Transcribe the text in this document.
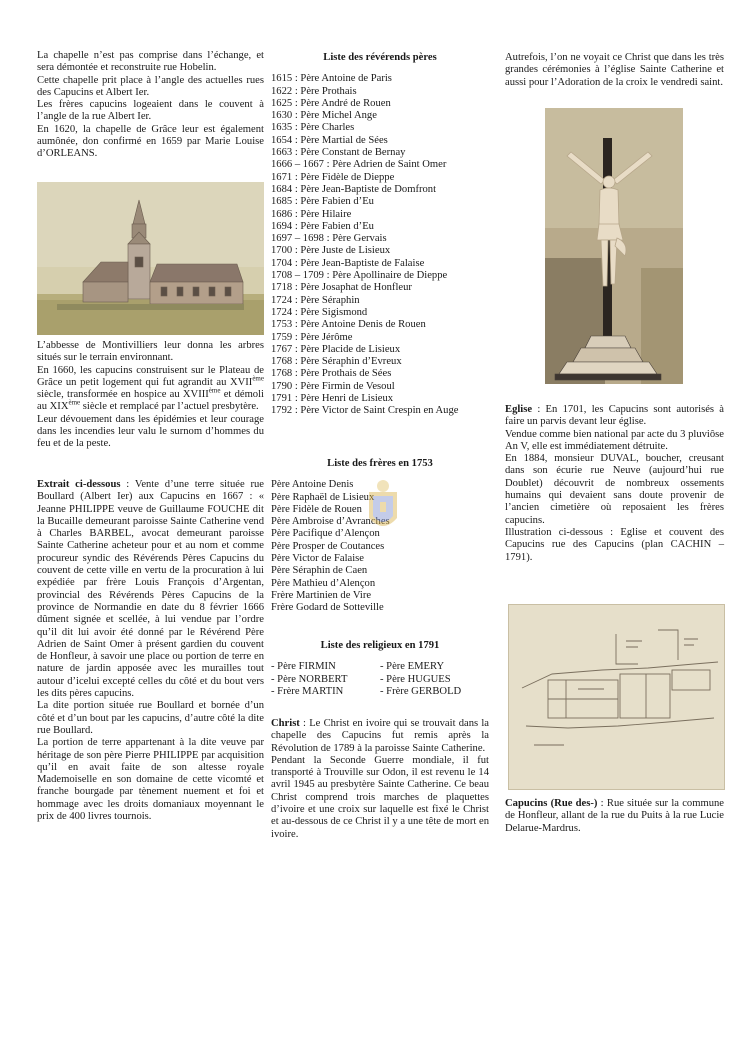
La chapelle n’est pas comprise dans l’échange, et sera démontée et reconstruite rue Hobelin.

Cette chapelle prit place à l’angle des actuelles rues des Capucins et Albert Ier.

Les frères capucins logeaient dans le couvent à l’angle de la rue Albert Ier.

En 1620, la chapelle de Grâce leur est également aumônée, don confirmé en 1659 par Marie Louise d’ORLEANS.

L’abbesse de Montivilliers leur donna les arbres situés sur le terrain environnant.

En 1660, les capucins construisent sur le Plateau de Grâce un petit logement qui fut agrandit au XVIIème siècle, transformée en hospice au XVIIIème et démoli au XIXème siècle et remplacé par l’actuel presbytère.

Leur dévouement dans les épidémies et leur courage dans les incendies leur valu le surnom d’hommes du feu et de la peste.

Extrait ci-dessous : Vente d’une terre située rue Boullard (Albert Ier) aux Capucins en 1667 : « Jeanne PHILIPPE veuve de Guillaume FOUCHE dit la Bucaille demeurant paroisse Sainte Catherine vend à Charles BARBEL, avocat demeurant paroisse Sainte Catherine acheteur pour et au nom et comme procureur syndic des Révérends Pères Capucins du couvent de cette ville en vertu de la procuration à lui expédiée par frère Louis François d’Argentan, provincial des Révérends Pères Capucins de la province de Normandie en date du 8 février 1666 dûment signée et scellée, à lui vendue par l’ordre qu’il dit lui avoir été donné par le Révérend Père Adrien de Saint Omer à présent gardien du couvent de Honfleur, à savoir une place ou portion de terre en nature de jardin apposée avec les murailles tout autour d’icelui excepté celles du côté et du bout vers les dits pères capucins.

La dite portion située rue Boullard et bornée d’un côté et d’un bout par les capucins, d’autre côté la dite rue Boullard.

La portion de terre appartenant à la dite veuve par héritage de son père Pierre PHILIPPE par acquisition qu’il en avait faite de son altesse royale Mademoiselle en son domaine de cette vicomté et franche bourgade par tènement nuement et foi et hommage avec les droits domaniaux moyennant le prix de 400 livres tournois.

Liste des révérends pères

1615 : Père Antoine de Paris
1622 : Père Prothais
1625 : Père André de Rouen
1630 : Père Michel Ange
1635 : Père Charles
1654 : Père Martial de Sées
1663 : Père Constant de Bernay
1666 – 1667 : Père Adrien de Saint Omer
1671 : Père Fidèle de Dieppe
1684 : Père Jean-Baptiste de Domfront
1685 : Père Fabien d’Eu
1686 : Père Hilaire
1694 : Père Fabien d’Eu
1697 – 1698 : Père Gervais
1700 : Père Juste de Lisieux
1704 : Père Jean-Baptiste de Falaise
1708 – 1709 : Père Apollinaire de Dieppe
1718 : Père Josaphat de Honfleur
1724 : Père Séraphin
1724 : Père Sigismond
1753 : Père Antoine Denis de Rouen
1759 : Père Jérôme
1767 : Père Placide de Lisieux
1768 : Père Séraphin d’Evreux
1768 : Père Prothais de Sées
1790 : Père Firmin de Vesoul
1791 : Père Henri de Lisieux
1792 : Père Victor de Saint Crespin en Auge

Liste des frères en 1753

Père Antoine Denis
Père Raphaël de Lisieux
Père Fidèle de Rouen
Père Ambroise d’Avranches
Père Pacifique d’Alençon
Père Prosper de Coutances
Père Victor de Falaise
Père Séraphin de Caen
Père Mathieu d’Alençon
Frère Martinien de Vire
Frère Godard de Sotteville

Liste des religieux en 1791

- Père FIRMIN	- Père EMERY
- Père NORBERT	- Père HUGUES
- Frère MARTIN	- Frère GERBOLD

Christ : Le Christ en ivoire qui se trouvait dans la chapelle des Capucins fut remis après la Révolution de 1789 à la paroisse Sainte Catherine.

Pendant la Seconde Guerre mondiale, il fut transporté à Trouville sur Odon, il est revenu le 14 avril 1945 au presbytère Sainte Catherine. Ce beau Christ comprend trois marches de plaquettes d’ivoire et une croix sur laquelle est fixé le Christ et au-dessous de ce Christ il y a une tête de mort en ivoire.

Autrefois, l’on ne voyait ce Christ que dans les très grandes cérémonies à l’église Sainte Catherine et aussi pour l’Adoration de la croix le vendredi saint.

Eglise : En 1701, les Capucins sont autorisés à faire un parvis devant leur église.

Vendue comme bien national par acte du 3 pluviôse An V, elle est immédiatement détruite.

En 1884, monsieur DUVAL, boucher, creusant dans son écurie rue Neuve (aujourd’hui rue Doublet) découvrit de nombreux ossements humains qui devaient sans doute provenir de l’ancien cimetière où reposaient les frères capucins.

Illustration ci-dessous : Eglise et couvent des Capucins rue des Capucins (plan CACHIN – 1791).

Capucins (Rue des-) : Rue située sur la commune de Honfleur, allant de la rue du Puits à la rue Lucie Delarue-Mardrus.
